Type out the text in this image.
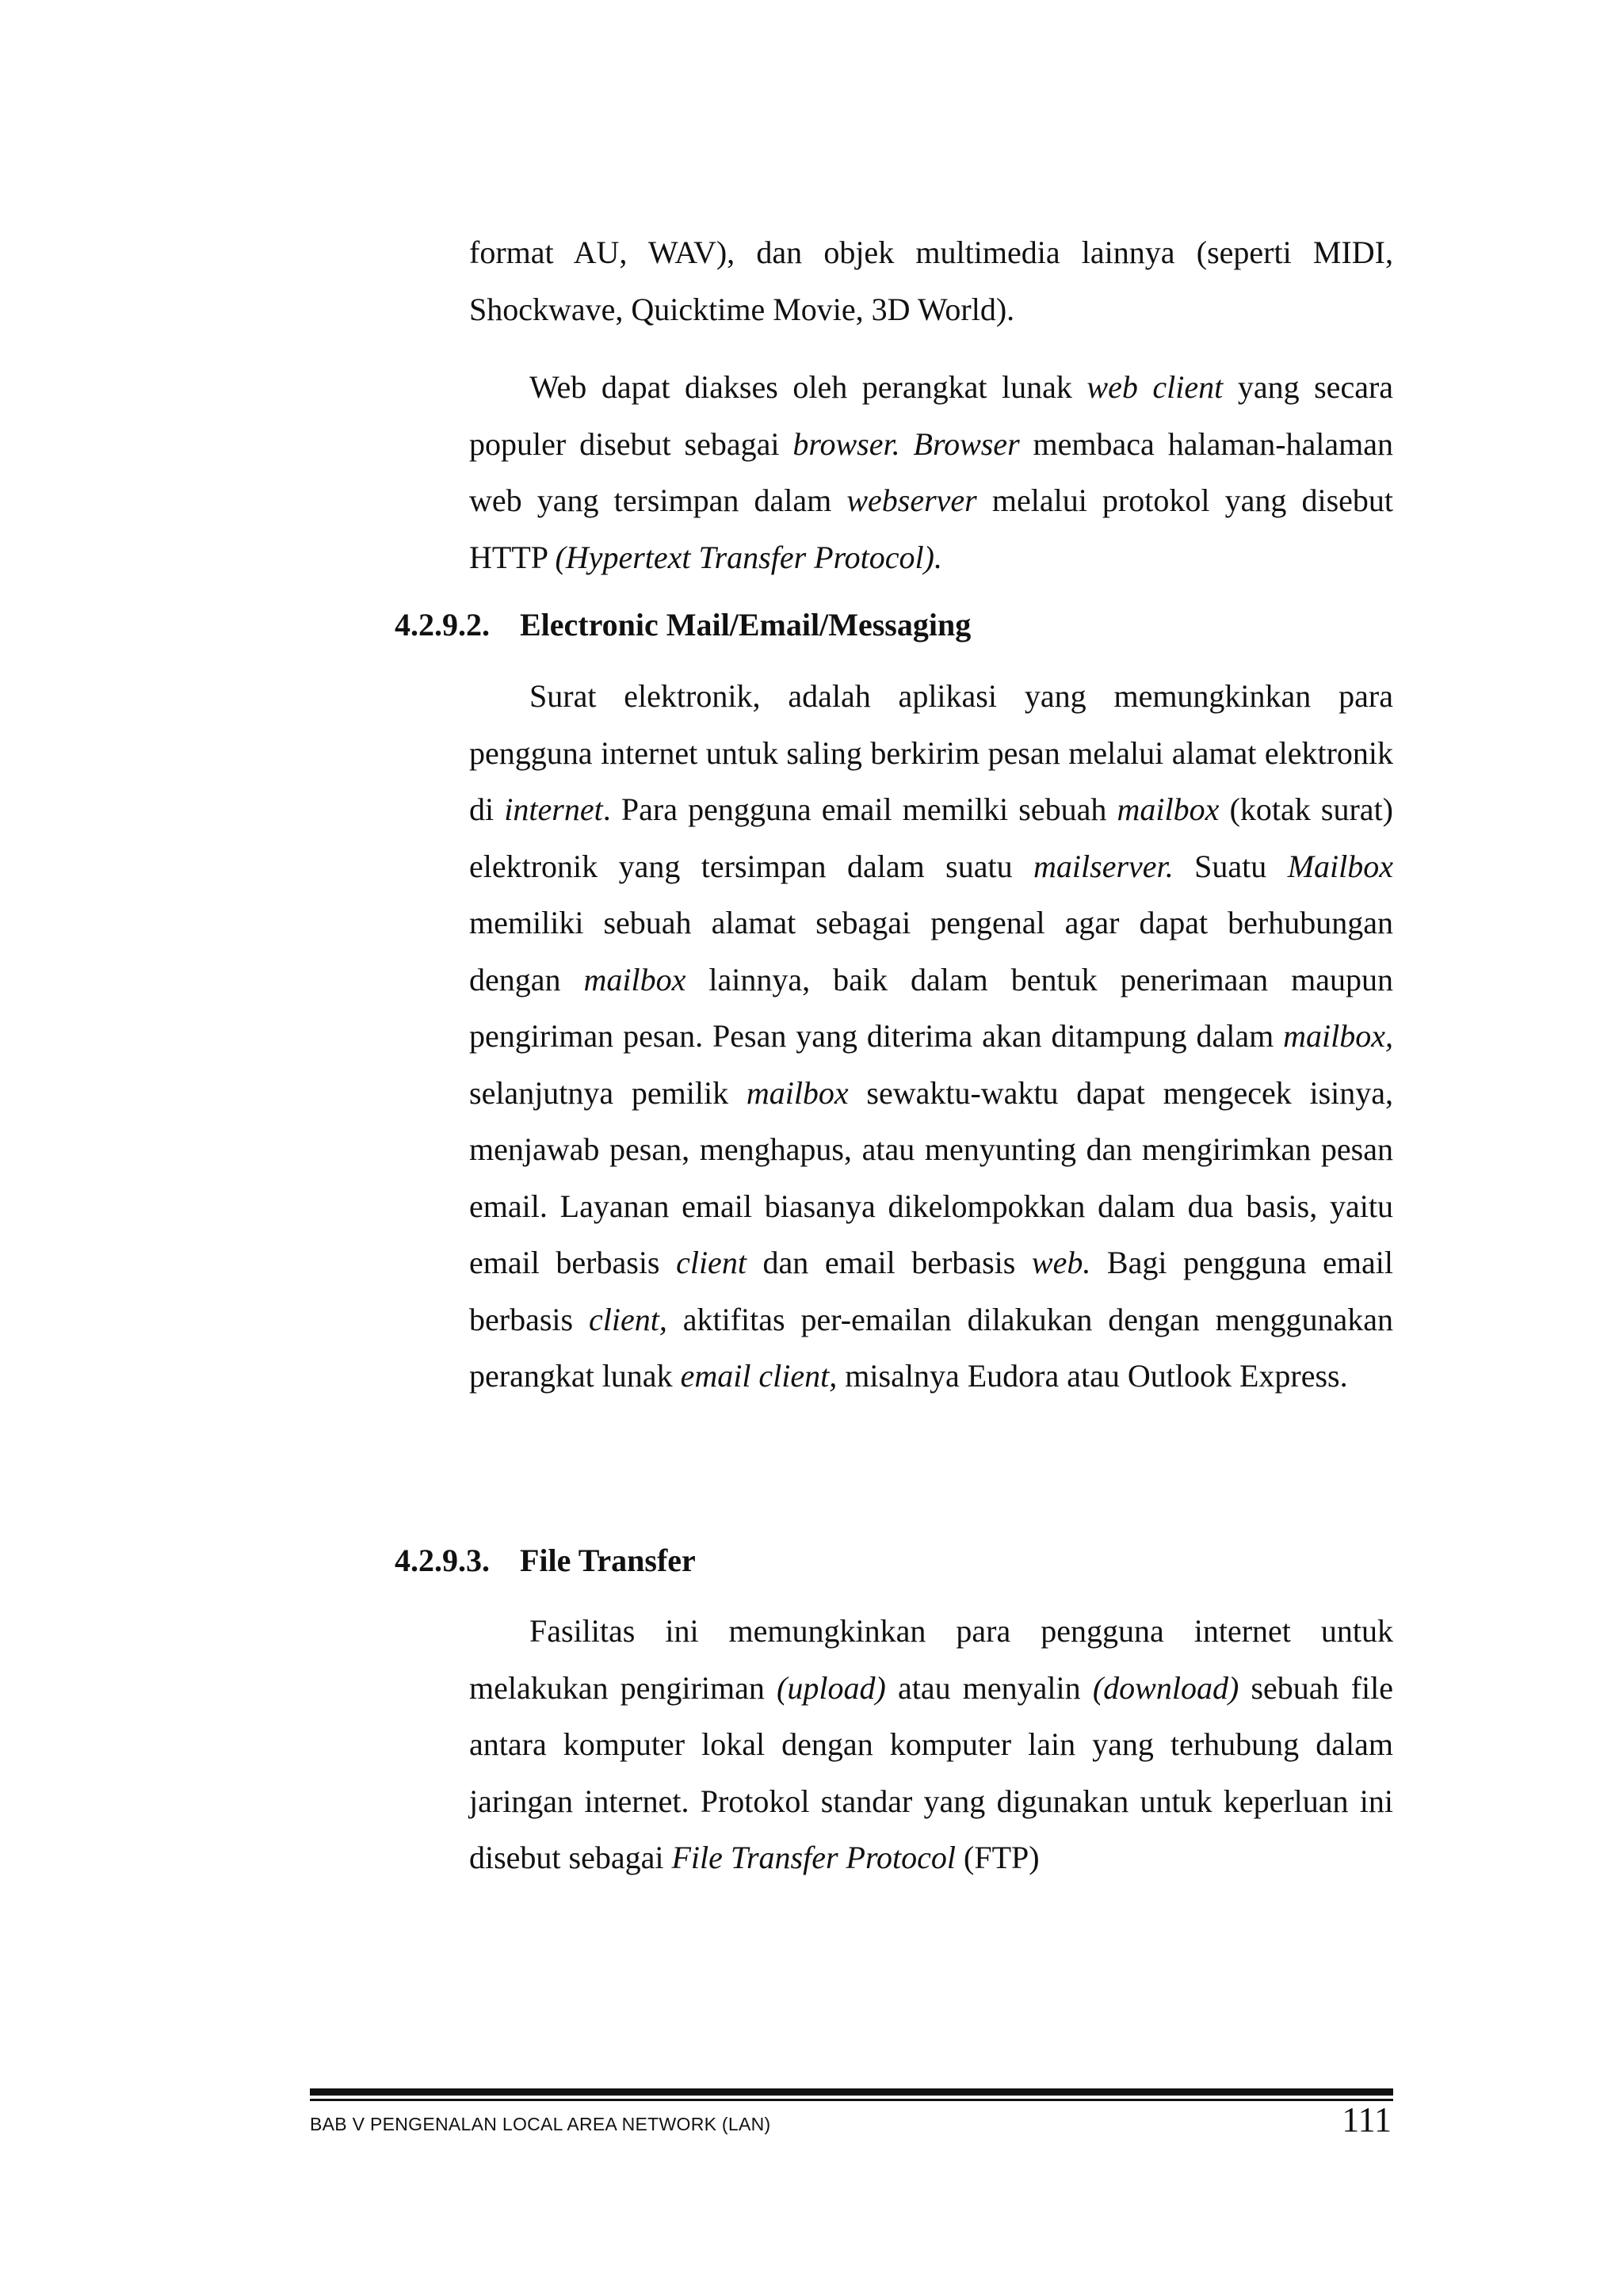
format AU, WAV), dan objek multimedia lainnya (seperti MIDI, Shockwave, Quicktime Movie, 3D World).

Web dapat diakses oleh perangkat lunak web client yang secara populer disebut sebagai browser. Browser membaca halaman-halaman web yang tersimpan dalam webserver melalui protokol yang disebut HTTP (Hypertext Transfer Protocol).

4.2.9.2. Electronic Mail/Email/Messaging

Surat elektronik, adalah aplikasi yang memungkinkan para pengguna internet untuk saling berkirim pesan melalui alamat elektronik di internet. Para pengguna email memilki sebuah mailbox (kotak surat) elektronik yang tersimpan dalam suatu mailserver. Suatu Mailbox memiliki sebuah alamat sebagai pengenal agar dapat berhubungan dengan mailbox lainnya, baik dalam bentuk penerimaan maupun pengiriman pesan. Pesan yang diterima akan ditampung dalam mailbox, selanjutnya pemilik mailbox sewaktu-waktu dapat mengecek isinya, menjawab pesan, menghapus, atau menyunting dan mengirimkan pesan email. Layanan email biasanya dikelompokkan dalam dua basis, yaitu email berbasis client dan email berbasis web. Bagi pengguna email berbasis client, aktifitas per-emailan dilakukan dengan menggunakan perangkat lunak email client, misalnya Eudora atau Outlook Express.

4.2.9.3. File Transfer

Fasilitas ini memungkinkan para pengguna internet untuk melakukan pengiriman (upload) atau menyalin (download) sebuah file antara komputer lokal dengan komputer lain yang terhubung dalam jaringan internet. Protokol standar yang digunakan untuk keperluan ini disebut sebagai File Transfer Protocol (FTP)

BAB V PENGENALAN LOCAL AREA NETWORK (LAN)	111
